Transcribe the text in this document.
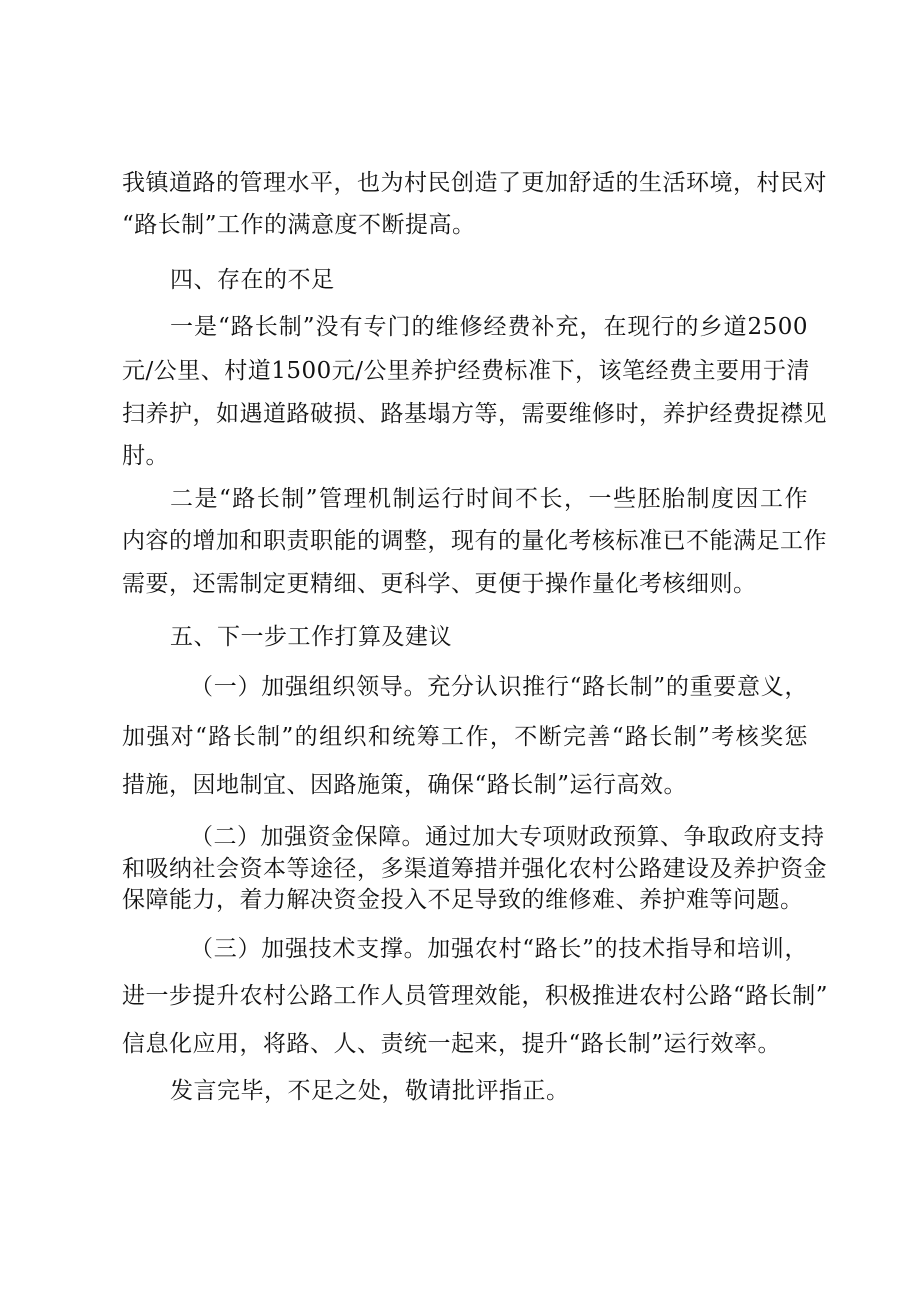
我镇道路的管理水平，也为村民创造了更加舒适的生活环境，村民对
“路长制”工作的满意度不断提高。
四、存在的不足
一是“路长制”没有专门的维修经费补充，在现行的乡道2500
元/公里、村道1500元/公里养护经费标准下，该笔经费主要用于清
扫养护，如遇道路破损、路基塌方等，需要维修时，养护经费捉襟见
肘。
二是“路长制”管理机制运行时间不长，一些胚胎制度因工作
内容的增加和职责职能的调整，现有的量化考核标准已不能满足工作
需要，还需制定更精细、更科学、更便于操作量化考核细则。
五、下一步工作打算及建议
（一）加强组织领导。充分认识推行“路长制”的重要意义，
加强对“路长制”的组织和统筹工作，不断完善“路长制”考核奖惩
措施，因地制宜、因路施策，确保“路长制”运行高效。
（二）加强资金保障。通过加大专项财政预算、争取政府支持
和吸纳社会资本等途径，多渠道筹措并强化农村公路建设及养护资金
保障能力，着力解决资金投入不足导致的维修难、养护难等问题。
（三）加强技术支撑。加强农村“路长”的技术指导和培训，
进一步提升农村公路工作人员管理效能，积极推进农村公路“路长制”
信息化应用，将路、人、责统一起来，提升“路长制”运行效率。
发言完毕，不足之处，敬请批评指正。
